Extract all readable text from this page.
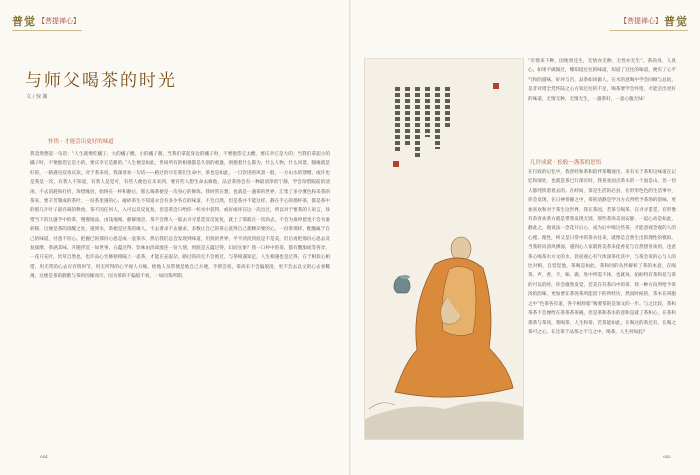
普觉 【菩提禅心】	【菩提禅心】 普觉
与师父喝茶的时光
文 / 惊 鼐
怀悟 · 才能尝出更好的味道
我忽然想起一句话：“人生就像吃橘子，大的橘子酸，小的橘子甜，当我们拿起身边的橘子时，不要抱怨它太酸，要庆幸它是大的；当我们拿起小的橘子时，不要抱怨它是小的，要庆幸它是甜的。”人生便是如此，世间所有的相遇都是久别的重逢，别抱着什么都为，什么人物，什么风景，随缘就是好的，一路遇见双喜庆欢。对于茶来说，我深喜欢一句话——路过的尽在我们生命中，茶也是如此，一旦饮进的风景一般，一方山水的馈赠，或许也是我是一次，有我人不知道，有我人是觉可，有些人便也在未来到，要有些人想生命去修他，品尝茶汤会有一种最清净的宁静，学会珍惜眼前的清闲，不去消耗和打折，珍惜缘份，始终在一杯和静后，那么喝茶便是一次身心的修炼。我时常在想，也就是一盏茶的世界，汇集了多少雾色和采茶的茶来，要辛苦制成的茶叶，一份茶里遇的心，碰碎茶生不知道永会有多少各自的味道，不会自然，但是茶并不能这样，静在手心的那杯茶，都是茶中的那几片叶子最存离的释放，茶不因任何人，入可以反反复复，但是茶会只给你一杯水中获得，或好或坏在这一次出过，所以对于要茶的人说言，珍惜当下的这盏手中的茶，慢慢地品，由浅地闻，静静地尝，茶不会像人一般去寻寻觅觅反反复复，就上了那就在一次尚去，不会为谁停留也不会为谁转移，这便是茶的清醒之处，遇到水，茶便是过茶的缘人，不去奢求不去强求，多数让自己的茶心洗得自己那颗杂要的心，一份茶那样，配酿属于自己的味道，付意不轻心。把握已的那份心思是成一壶茶水，然后我们总会发现到味道，但找的世界，平平淡淡到底是不是美，但后再把那份心思去反复揣摩，茶涵其味，升随浮沉一如世事，五蕴过得，饮味由淡却流连一份人情，到底是五蕴过得，幻而实象？我一口杯中的茶，都有酸甜或等各异，一花开充叶，饮草自然也，也许品心宅修驱相隔上一壶茶，才能在充取杂，路过的尚无不会被过，与茶相遇知足，人生相遇也是过得，在于相似心相惜，用无常的心去应有情时节，用无所得的心平视人方缘，绘他人及带便是他自己方便，手援会客，茶尚未不会偏般清，更不会去以文的心去看稀薄，这便是茶的静默与茶的因缘而尽，因为茶的不偏般不看，一如因茶所期。
“有情来下种，因地果还生，无情亦无种，无性亦无生”。茶尚身，人真心，如果不做做过，哪知道过往的味道，知道了过往的味道，便有了心平气和的滋味，好坏与否，品茶如同做人，在水的意喝中学会回顾与总结，是非对错全凭怀陆之心方知过往的不足，喝茶要学会怀悟，才能尝出更好的味道，无情无种，无情无生，一盏茶好，一壶心腹无味！
几许成就 · 松般一盏茶的思悟
在行政的记忆中，我曾经和茶和陪伴茶雕通出，来有关于茶和这味道在记忆和深处，也就是茶已行深有时，我喜欢而点茶水的一个面是山，但一切人都纯铁着着去的。在峙间，茶是生活的必县，在形形色色的生活事中，你会发现，在日神茶静之中，茶的清静是学习方式所给予茶汤的韵味，更加喜欢和对于茶生这世界，我在茶园，若茶与喝茶，在寻寻觅觅，有形像有余喜欢茶方就是带我发现无邪，那些茶汤美而安静，一起心动是如此，静此之，他说法一念花开后心，成为后中喝这些茶，才能意观念观的人的心理。理性，终又是日常中的茶水往来，就像是自然生出的理性的模拟，当我转向清风拂面，遇到心人家就将美茶来提香花与自然想喜欢的，也意茶心喝茶水方文的水，甚而观心有气体深茶化其中，与茶会说的心与人的比对相。自觉觉他，茶喝是如此，茶和同的从怀解析了茶的本意，在喝茶，声，香，不，味，做，进中所需不体，也就每，拍助特有茶和花与茶的可以的时，你会微然发觉，若美在有茶向中的茶，我一种方向所给予茶汤的韵味，更加要在茶汤茶所能留下的所经历，然而时候的，茶木在叫服之中“色茶各有道，各不相舒临”喝要茶的是领文的一步。与之比较，茶和茶茶不会便给在茶茶茶茶碗，但是茶和茶水的意和是就了茶和心，在茶和那茶与茶汤，我喝茶，人生和茶，若茶能如此，在喝这的茶还有，在喝之茶可之心，在这茶于品茶之不与之中，喝茶，人生何如此？
044	045
